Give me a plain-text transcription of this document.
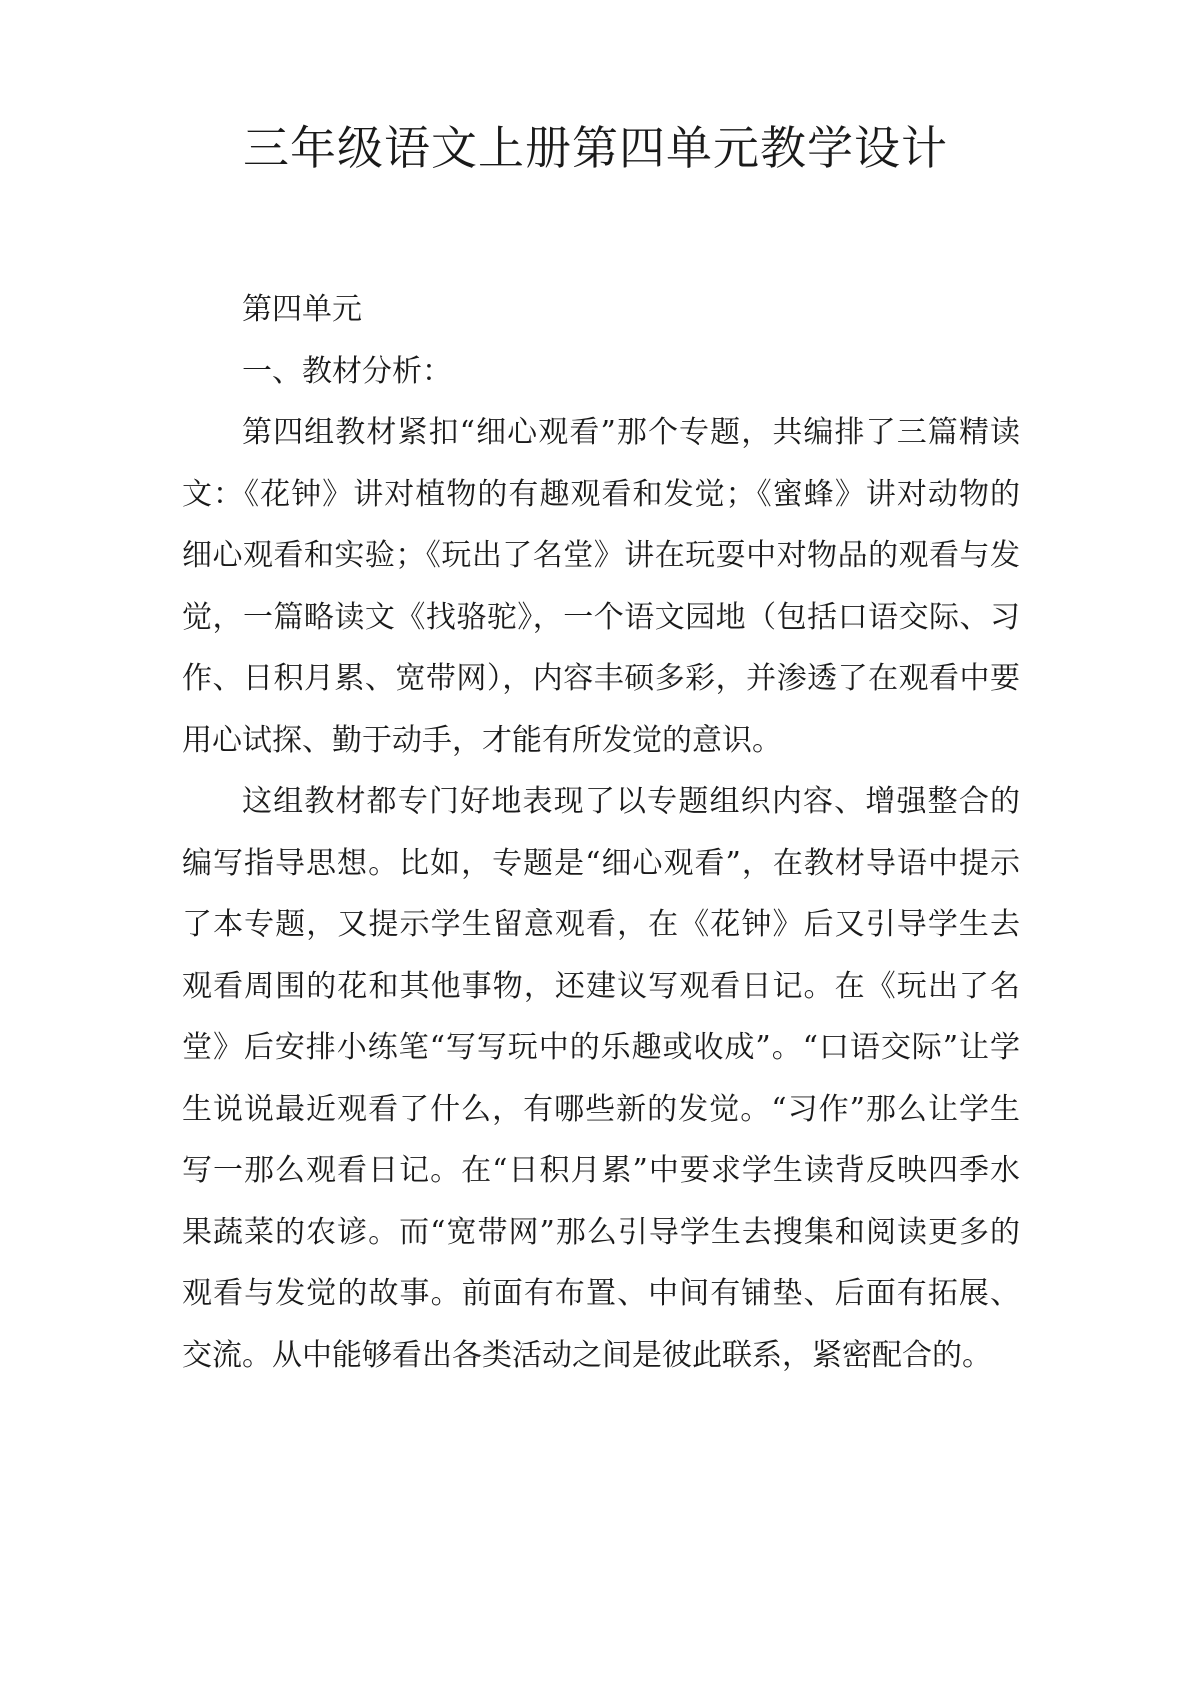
三年级语文上册第四单元教学设计

第四单元

一、教材分析：

第四组教材紧扣“细心观看”那个专题，共编排了三篇精读文：《花钟》讲对植物的有趣观看和发觉；《蜜蜂》讲对动物的细心观看和实验；《玩出了名堂》讲在玩耍中对物品的观看与发觉，一篇略读文《找骆驼》，一个语文园地（包括口语交际、习作、日积月累、宽带网），内容丰硕多彩，并渗透了在观看中要用心试探、勤于动手，才能有所发觉的意识。

这组教材都专门好地表现了以专题组织内容、增强整合的编写指导思想。比如，专题是“细心观看”，在教材导语中提示了本专题，又提示学生留意观看，在《花钟》后又引导学生去观看周围的花和其他事物，还建议写观看日记。在《玩出了名堂》后安排小练笔“写写玩中的乐趣或收成”。“口语交际”让学生说说最近观看了什么，有哪些新的发觉。“习作”那么让学生写一那么观看日记。在“日积月累”中要求学生读背反映四季水果蔬菜的农谚。而“宽带网”那么引导学生去搜集和阅读更多的观看与发觉的故事。前面有布置、中间有铺垫、后面有拓展、交流。从中能够看出各类活动之间是彼此联系，紧密配合的。
